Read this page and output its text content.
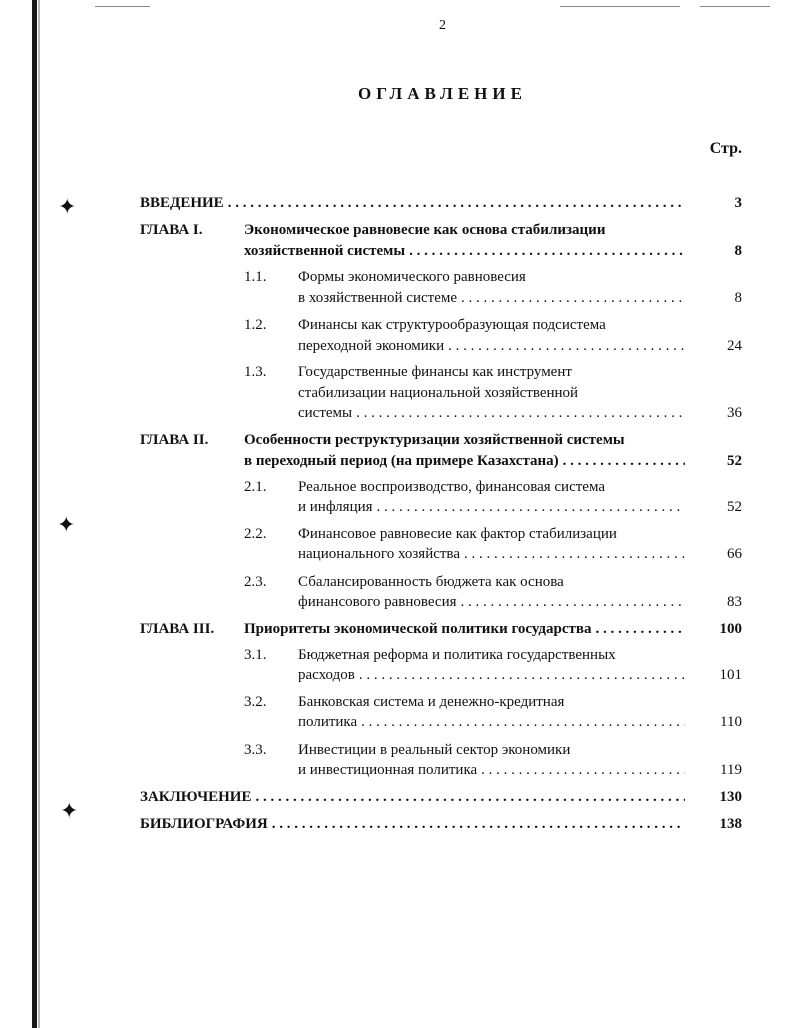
✦
✦
✦
2
ОГЛАВЛЕНИЕ
Стр.
ВВЕДЕНИЕ . . .	3
ГЛАВА I.	Экономическое равновесие как основа стабилизации
хозяйственной системы . . .	8
1.1. Формы экономического равновесия
в хозяйственной системе . . .	8
1.2. Финансы как структурообразующая подсистема
переходной экономики . . .	24
1.3. Государственные финансы как инструмент
стабилизации национальной хозяйственной
системы . . .	36
ГЛАВА II. Особенности реструктуризации хозяйственной системы
в переходный период (на примере Казахстана) . . .	52
2.1. Реальное воспроизводство, финансовая система
и инфляция . . .	52
2.2. Финансовое равновесие как фактор стабилизации
национального хозяйства . . .	66
2.3. Сбалансированность бюджета как основа
финансового равновесия . . .	83
ГЛАВА III. Приоритеты экономической политики государства . . .	100
3.1. Бюджетная реформа и политика государственных
расходов . . .	101
3.2. Банковская система и денежно-кредитная
политика . . .	110
3.3. Инвестиции в реальный сектор экономики
и инвестиционная политика . . .	119
ЗАКЛЮЧЕНИЕ . . .	130
БИБЛИОГРАФИЯ . . .	138
